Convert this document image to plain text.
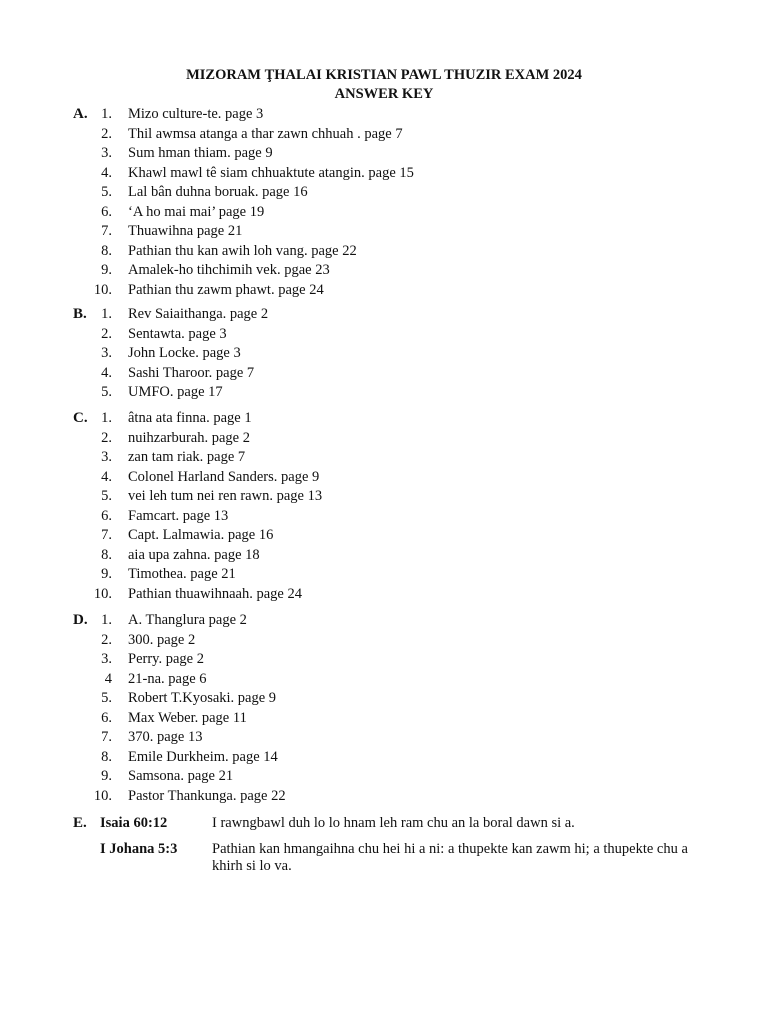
MIZORAM ŢHALAI KRISTIAN PAWL THUZIR EXAM 2024
ANSWER KEY
A. 1. Mizo culture-te. page 3
2. Thil awmsa atanga a thar zawn chhuah . page 7
3. Sum hman thiam. page 9
4. Khawl mawl tê siam chhuaktute atangin. page 15
5. Lal bân duhna boruak. page 16
6. ‘A ho mai mai’ page 19
7. Thuawihna page 21
8. Pathian thu kan awih loh vang. page 22
9. Amalek-ho tihchimih vek. pgae 23
10. Pathian thu zawm phawt. page 24
B. 1. Rev Saiaithanga. page 2
2. Sentawta. page 3
3. John Locke. page 3
4. Sashi Tharoor. page 7
5. UMFO. page 17
C. 1. âtna ata finna. page 1
2. nuihzarburah. page 2
3. zan tam riak. page 7
4. Colonel Harland Sanders. page 9
5. vei leh tum nei ren rawn. page 13
6. Famcart. page 13
7. Capt. Lalmawia. page 16
8. aia upa zahna. page 18
9. Timothea. page 21
10. Pathian thuawihnaah. page 24
D. 1. A. Thanglura page 2
2. 300. page 2
3. Perry. page 2
4 21-na. page 6
5. Robert T.Kyosaki. page 9
6. Max Weber. page 11
7. 370. page 13
8. Emile Durkheim. page 14
9. Samsona. page 21
10. Pastor Thankunga. page 22
E. Isaia 60:12	I rawngbawl duh lo lo hnam leh ram chu an la boral dawn si a.
I Johana 5:3 Pathian kan hmangaihna chu hei hi a ni: a thupekte kan zawm hi; a thupekte chu a khirh si lo va.
